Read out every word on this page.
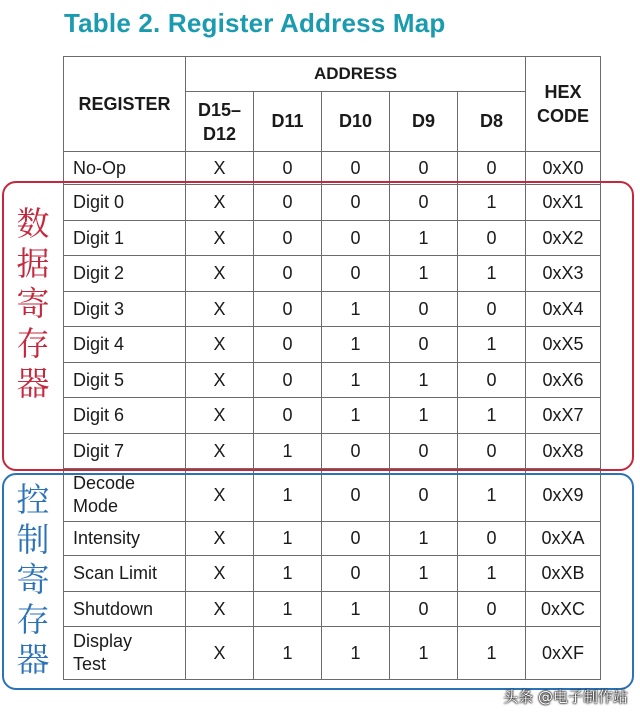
Table 2. Register Address Map
REGISTER	ADDRESS					HEX
CODE
	D15–
D12	D11	D10	D9	D8	
No-Op	X	0	0	0	0	0xX0
Digit 0	X	0	0	0	1	0xX1
Digit 1	X	0	0	1	0	0xX2
Digit 2	X	0	0	1	1	0xX3
Digit 3	X	0	1	0	0	0xX4
Digit 4	X	0	1	0	1	0xX5
Digit 5	X	0	1	1	0	0xX6
Digit 6	X	0	1	1	1	0xX7
Digit 7	X	1	0	0	0	0xX8
Decode
Mode	X	1	0	0	1	0xX9
Intensity	X	1	0	1	0	0xXA
Scan Limit	X	1	0	1	1	0xXB
Shutdown	X	1	1	0	0	0xXC
Display
Test	X	1	1	1	1	0xXF
数据寄存器
控制寄存器
头条 @电子制作站
